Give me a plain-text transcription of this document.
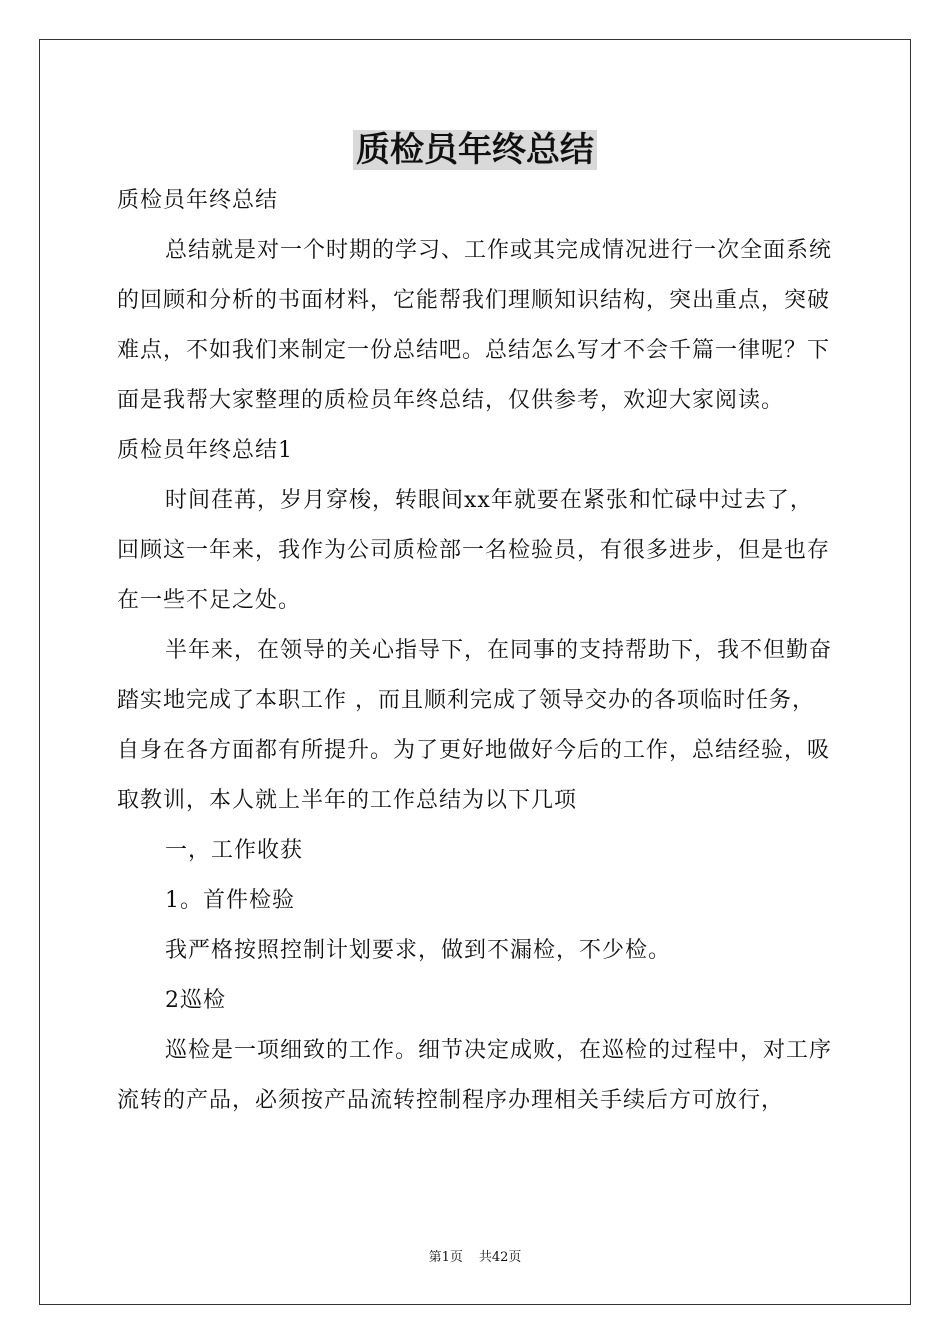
质检员年终总结

质检员年终总结

总结就是对一个时期的学习、工作或其完成情况进行一次全面系统的回顾和分析的书面材料，它能帮我们理顺知识结构，突出重点，突破难点，不如我们来制定一份总结吧。总结怎么写才不会千篇一律呢？下面是我帮大家整理的质检员年终总结，仅供参考，欢迎大家阅读。

质检员年终总结1

时间荏苒，岁月穿梭，转眼间xx年就要在紧张和忙碌中过去了，回顾这一年来，我作为公司质检部一名检验员，有很多进步，但是也存在一些不足之处。

半年来，在领导的关心指导下，在同事的支持帮助下，我不但勤奋踏实地完成了本职工作 ，而且顺利完成了领导交办的各项临时任务，自身在各方面都有所提升。为了更好地做好今后的工作，总结经验，吸取教训，本人就上半年的工作总结为以下几项

一，工作收获

1。首件检验

我严格按照控制计划要求，做到不漏检，不少检。

2巡检

巡检是一项细致的工作。细节决定成败，在巡检的过程中，对工序流转的产品，必须按产品流转控制程序办理相关手续后方可放行，

第1页 共42页
